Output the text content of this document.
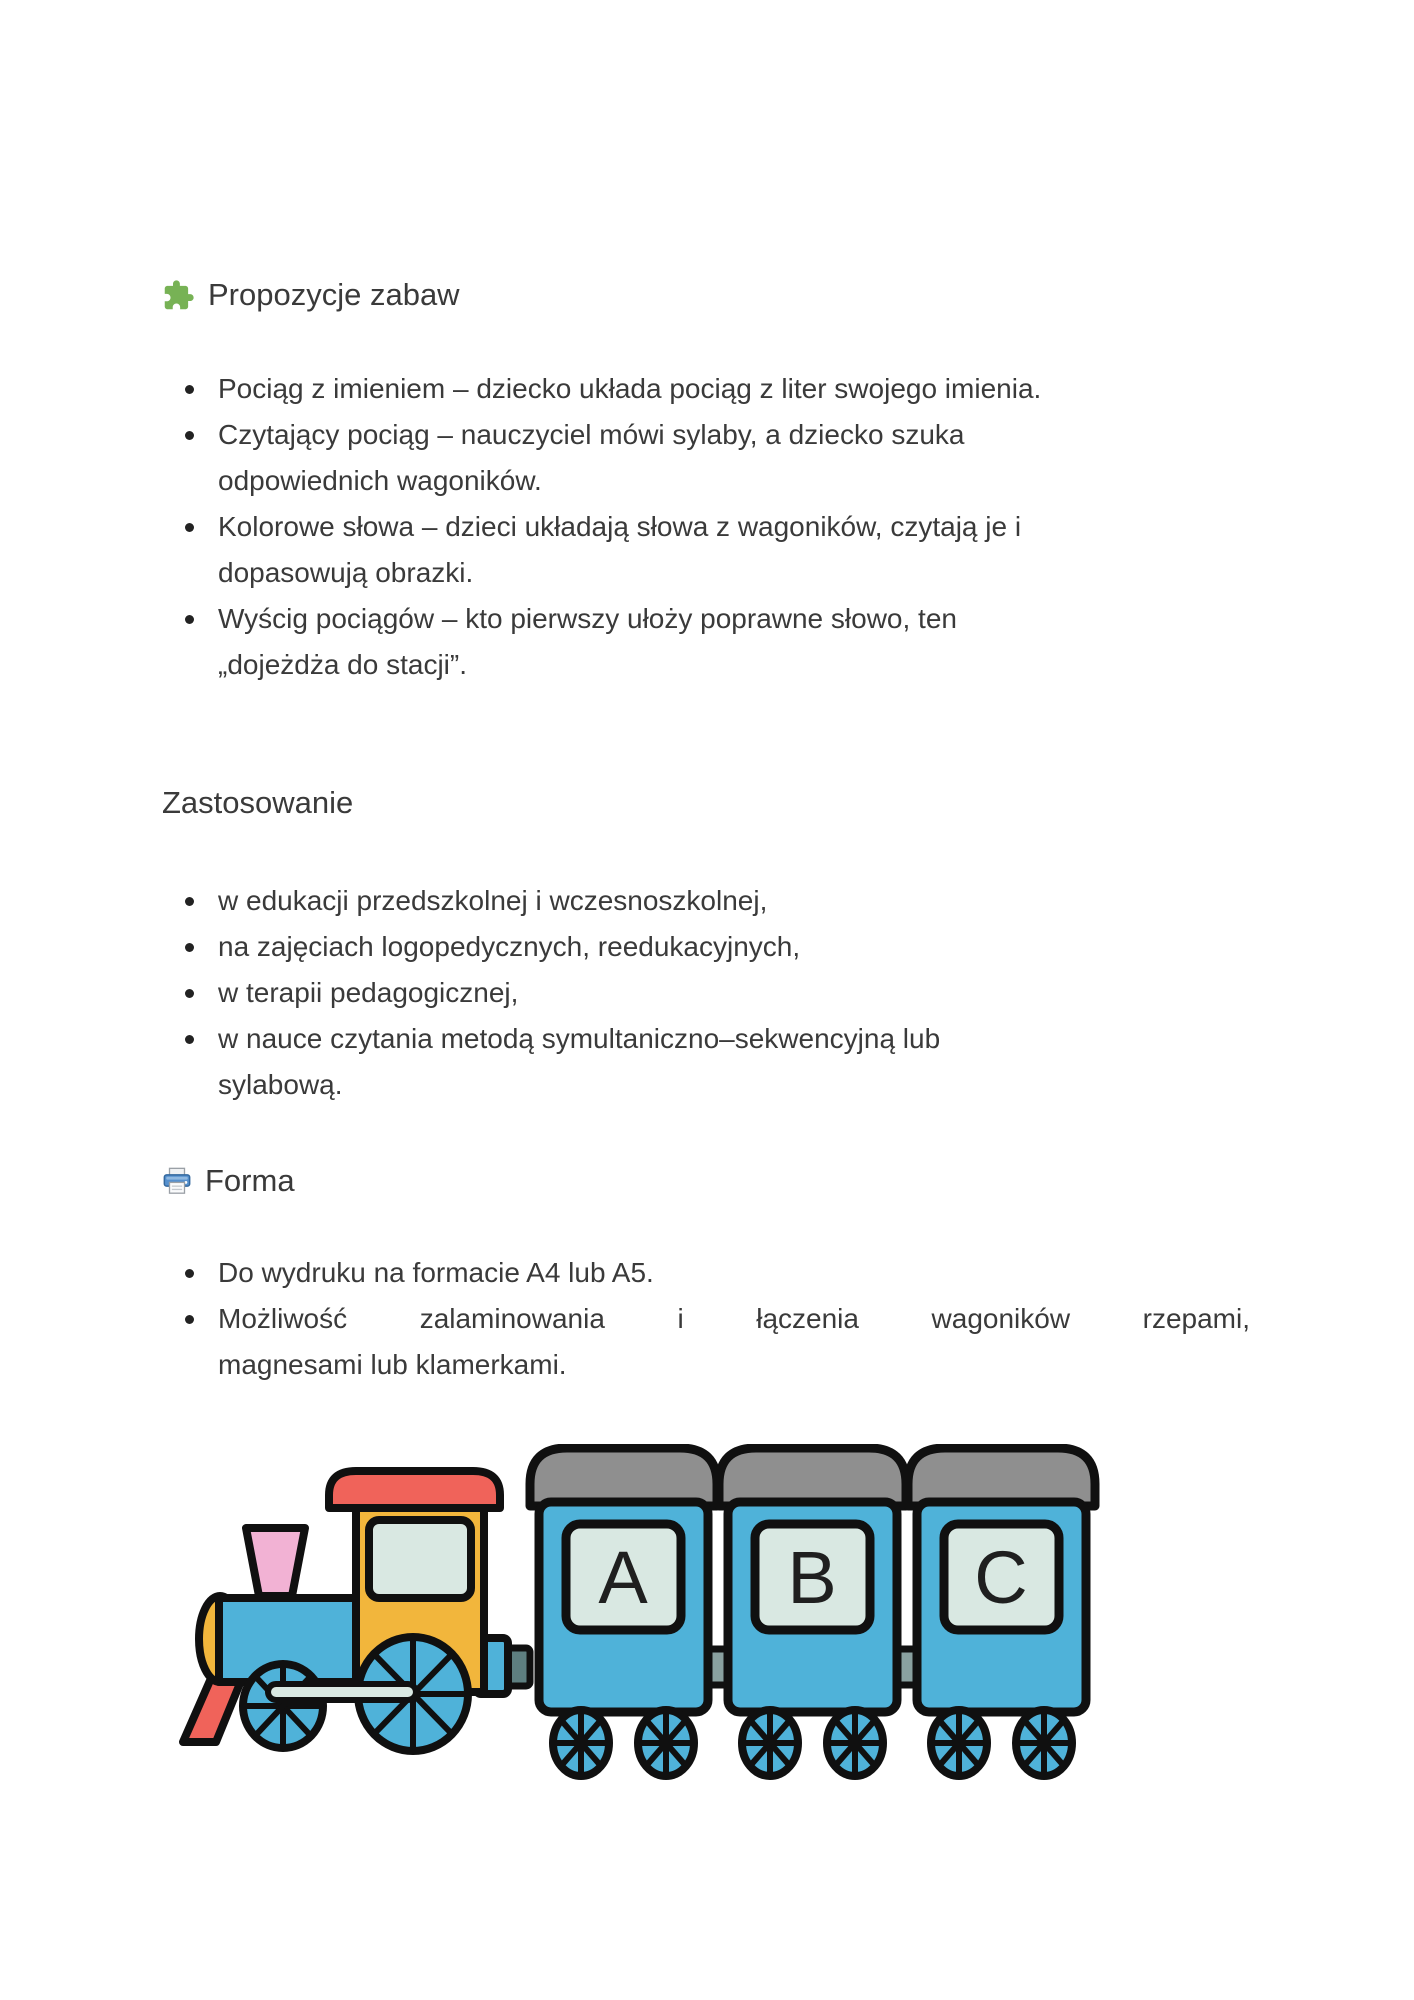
Propozycje zabaw
Pociąg z imieniem – dziecko układa pociąg z liter swojego imienia.
Czytający pociąg – nauczyciel mówi sylaby, a dziecko szuka
odpowiednich wagoników.
Kolorowe słowa – dzieci układają słowa z wagoników, czytają je i
dopasowują obrazki.
Wyścig pociągów – kto pierwszy ułoży poprawne słowo, ten
„dojeżdża do stacji”.
Zastosowanie
w edukacji przedszkolnej i wczesnoszkolnej,
na zajęciach logopedycznych, reedukacyjnych,
w terapii pedagogicznej,
w nauce czytania metodą symultaniczno–sekwencyjną lub
sylabową.
Forma
Do wydruku na formacie A4 lub A5.
Możliwość zalaminowania i łączenia wagoników rzepami,
magnesami lub klamerkami.
A B C
